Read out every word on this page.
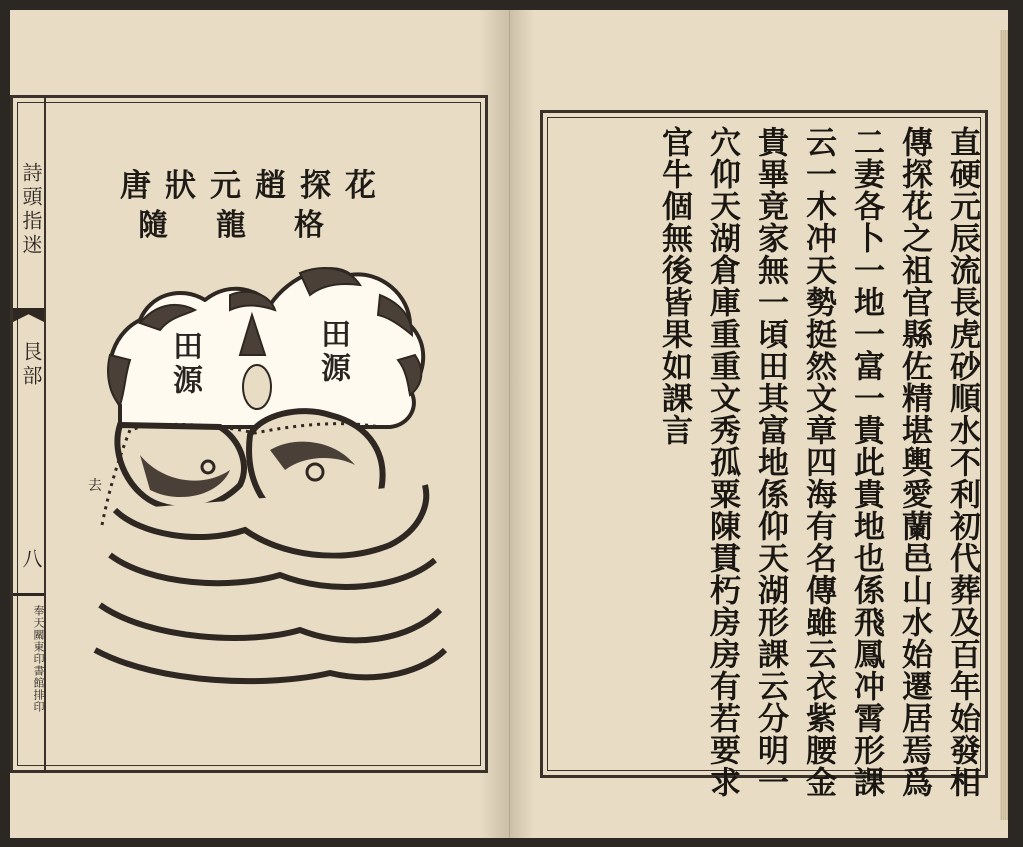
詩頭指迷
艮部
八
奉天關東印書館排印
唐狀元趙探花
隨龍格
田源	田源
去	直硬元辰流長虎砂順水不利初代葬及百年始發相
傳探花之祖官縣佐精堪輿愛蘭邑山水始遷居焉爲
二妻各卜一地一富一貴此貴地也係飛鳳冲霄形課
云一木冲天勢挺然文章四海有名傳雖云衣紫腰金
貴畢竟家無一頃田其富地係仰天湖形課云分明一
穴仰天湖倉庫重重文秀孤粟陳貫朽房房有若要求
官牛個無後皆果如課言
